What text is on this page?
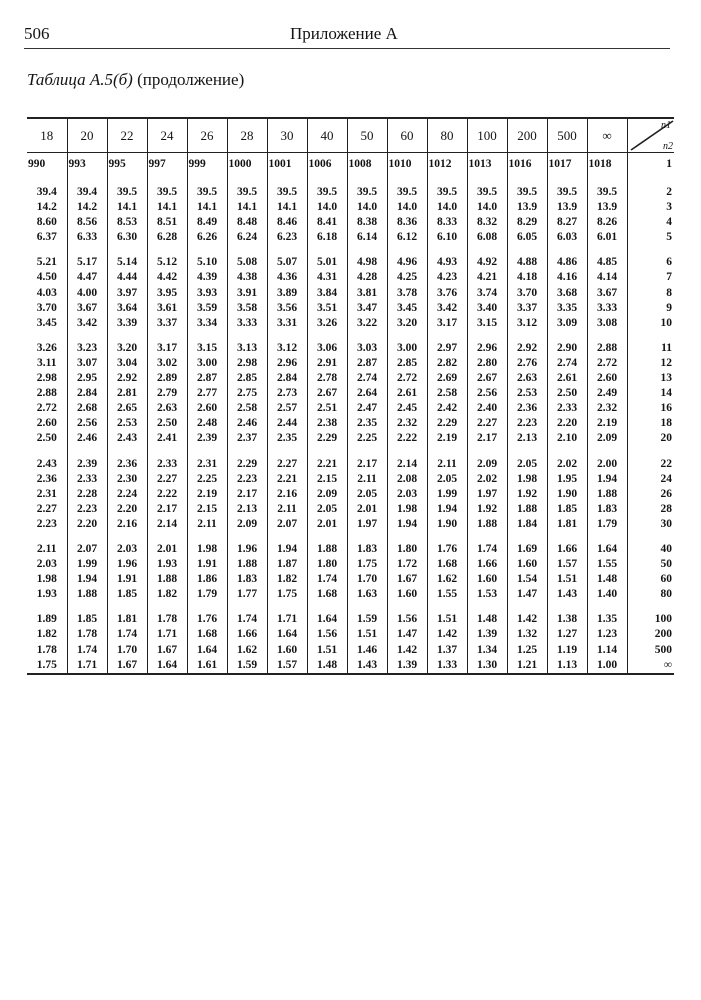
506	Приложение А
Таблица А.5(б) (продолжение)
18	20	22	24	26	28	30	40	50	60	80	100	200	500	∞	n1
n2

990	993	995	997	999	1000	1001	1006	1008	1010	1012	1013	1016	1017	1018	1

39.4	39.4	39.5	39.5	39.5	39.5	39.5	39.5	39.5	39.5	39.5	39.5	39.5	39.5	39.5	2
14.2	14.2	14.1	14.1	14.1	14.1	14.1	14.0	14.0	14.0	14.0	14.0	13.9	13.9	13.9	3
8.60	8.56	8.53	8.51	8.49	8.48	8.46	8.41	8.38	8.36	8.33	8.32	8.29	8.27	8.26	4
6.37	6.33	6.30	6.28	6.26	6.24	6.23	6.18	6.14	6.12	6.10	6.08	6.05	6.03	6.01	5

5.21	5.17	5.14	5.12	5.10	5.08	5.07	5.01	4.98	4.96	4.93	4.92	4.88	4.86	4.85	6
4.50	4.47	4.44	4.42	4.39	4.38	4.36	4.31	4.28	4.25	4.23	4.21	4.18	4.16	4.14	7
4.03	4.00	3.97	3.95	3.93	3.91	3.89	3.84	3.81	3.78	3.76	3.74	3.70	3.68	3.67	8
3.70	3.67	3.64	3.61	3.59	3.58	3.56	3.51	3.47	3.45	3.42	3.40	3.37	3.35	3.33	9
3.45	3.42	3.39	3.37	3.34	3.33	3.31	3.26	3.22	3.20	3.17	3.15	3.12	3.09	3.08	10

3.26	3.23	3.20	3.17	3.15	3.13	3.12	3.06	3.03	3.00	2.97	2.96	2.92	2.90	2.88	11
3.11	3.07	3.04	3.02	3.00	2.98	2.96	2.91	2.87	2.85	2.82	2.80	2.76	2.74	2.72	12
2.98	2.95	2.92	2.89	2.87	2.85	2.84	2.78	2.74	2.72	2.69	2.67	2.63	2.61	2.60	13
2.88	2.84	2.81	2.79	2.77	2.75	2.73	2.67	2.64	2.61	2.58	2.56	2.53	2.50	2.49	14
2.72	2.68	2.65	2.63	2.60	2.58	2.57	2.51	2.47	2.45	2.42	2.40	2.36	2.33	2.32	16
2.60	2.56	2.53	2.50	2.48	2.46	2.44	2.38	2.35	2.32	2.29	2.27	2.23	2.20	2.19	18
2.50	2.46	2.43	2.41	2.39	2.37	2.35	2.29	2.25	2.22	2.19	2.17	2.13	2.10	2.09	20

2.43	2.39	2.36	2.33	2.31	2.29	2.27	2.21	2.17	2.14	2.11	2.09	2.05	2.02	2.00	22
2.36	2.33	2.30	2.27	2.25	2.23	2.21	2.15	2.11	2.08	2.05	2.02	1.98	1.95	1.94	24
2.31	2.28	2.24	2.22	2.19	2.17	2.16	2.09	2.05	2.03	1.99	1.97	1.92	1.90	1.88	26
2.27	2.23	2.20	2.17	2.15	2.13	2.11	2.05	2.01	1.98	1.94	1.92	1.88	1.85	1.83	28
2.23	2.20	2.16	2.14	2.11	2.09	2.07	2.01	1.97	1.94	1.90	1.88	1.84	1.81	1.79	30

2.11	2.07	2.03	2.01	1.98	1.96	1.94	1.88	1.83	1.80	1.76	1.74	1.69	1.66	1.64	40
2.03	1.99	1.96	1.93	1.91	1.88	1.87	1.80	1.75	1.72	1.68	1.66	1.60	1.57	1.55	50
1.98	1.94	1.91	1.88	1.86	1.83	1.82	1.74	1.70	1.67	1.62	1.60	1.54	1.51	1.48	60
1.93	1.88	1.85	1.82	1.79	1.77	1.75	1.68	1.63	1.60	1.55	1.53	1.47	1.43	1.40	80

1.89	1.85	1.81	1.78	1.76	1.74	1.71	1.64	1.59	1.56	1.51	1.48	1.42	1.38	1.35	100
1.82	1.78	1.74	1.71	1.68	1.66	1.64	1.56	1.51	1.47	1.42	1.39	1.32	1.27	1.23	200
1.78	1.74	1.70	1.67	1.64	1.62	1.60	1.51	1.46	1.42	1.37	1.34	1.25	1.19	1.14	500
1.75	1.71	1.67	1.64	1.61	1.59	1.57	1.48	1.43	1.39	1.33	1.30	1.21	1.13	1.00	∞
